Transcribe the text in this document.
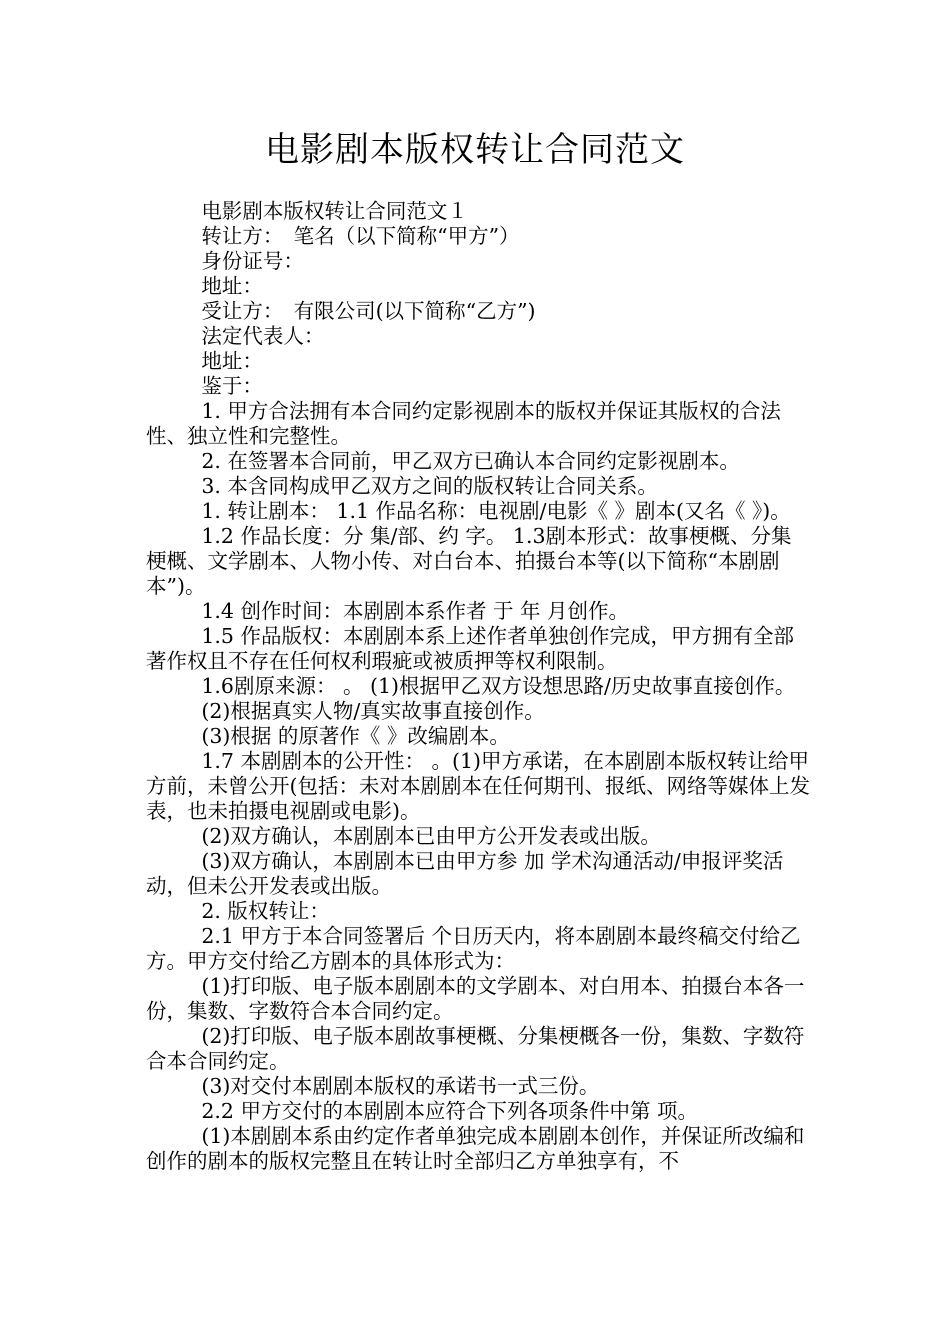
电影剧本版权转让合同范文

电影剧本版权转让合同范文１

转让方：　笔名（以下简称“甲方”）

身份证号：

地址：

受让方：　有限公司(以下简称“乙方”)

法定代表人：

地址：

鉴于：

1. 甲方合法拥有本合同约定影视剧本的版权并保证其版权的合法性、独立性和完整性。

2. 在签署本合同前，甲乙双方已确认本合同约定影视剧本。

3. 本含同构成甲乙双方之间的版权转让合同关系。

1. 转让剧本： 1.1 作品名称：电视剧/电影《 》剧本(又名《 》)。

1.2 作品长度：分 集/部、约 字。 1.3剧本形式：故事梗概、分集梗概、文学剧本、人物小传、对白台本、拍摄台本等(以下简称“本剧剧本”)。

1.4 创作时间：本剧剧本系作者 于 年 月创作。

1.5 作品版权：本剧剧本系上述作者单独创作完成，甲方拥有全部著作权且不存在任何权利瑕疵或被质押等权利限制。

1.6剧原来源： 。 (1)根据甲乙双方设想思路/历史故事直接创作。

(2)根据真实人物/真实故事直接创作。

(3)根据 的原著作《 》改编剧本。

1.7 本剧剧本的公开性： 。(1)甲方承诺，在本剧剧本版权转让给甲方前，未曾公开(包括：未对本剧剧本在任何期刊、报纸、网络等媒体上发表，也未拍摄电视剧或电影)。

(2)双方确认，本剧剧本已由甲方公开发表或出版。

(3)双方确认，本剧剧本已由甲方参 加 学术沟通活动/申报评奖活动，但未公开发表或出版。

2. 版权转让：

2.1 甲方于本合同签署后 个日历天内，将本剧剧本最终稿交付给乙方。甲方交付给乙方剧本的具体形式为：

(1)打印版、电子版本剧剧本的文学剧本、对白用本、拍摄台本各一份，集数、字数符合本合同约定。

(2)打印版、电子版本剧故事梗概、分集梗概各一份，集数、字数符合本合同约定。

(3)对交付本剧剧本版权的承诺书一式三份。

2.2 甲方交付的本剧剧本应符合下列各项条件中第 项。

(1)本剧剧本系由约定作者单独完成本剧剧本创作，并保证所改编和创作的剧本的版权完整且在转让时全部归乙方单独享有，不
